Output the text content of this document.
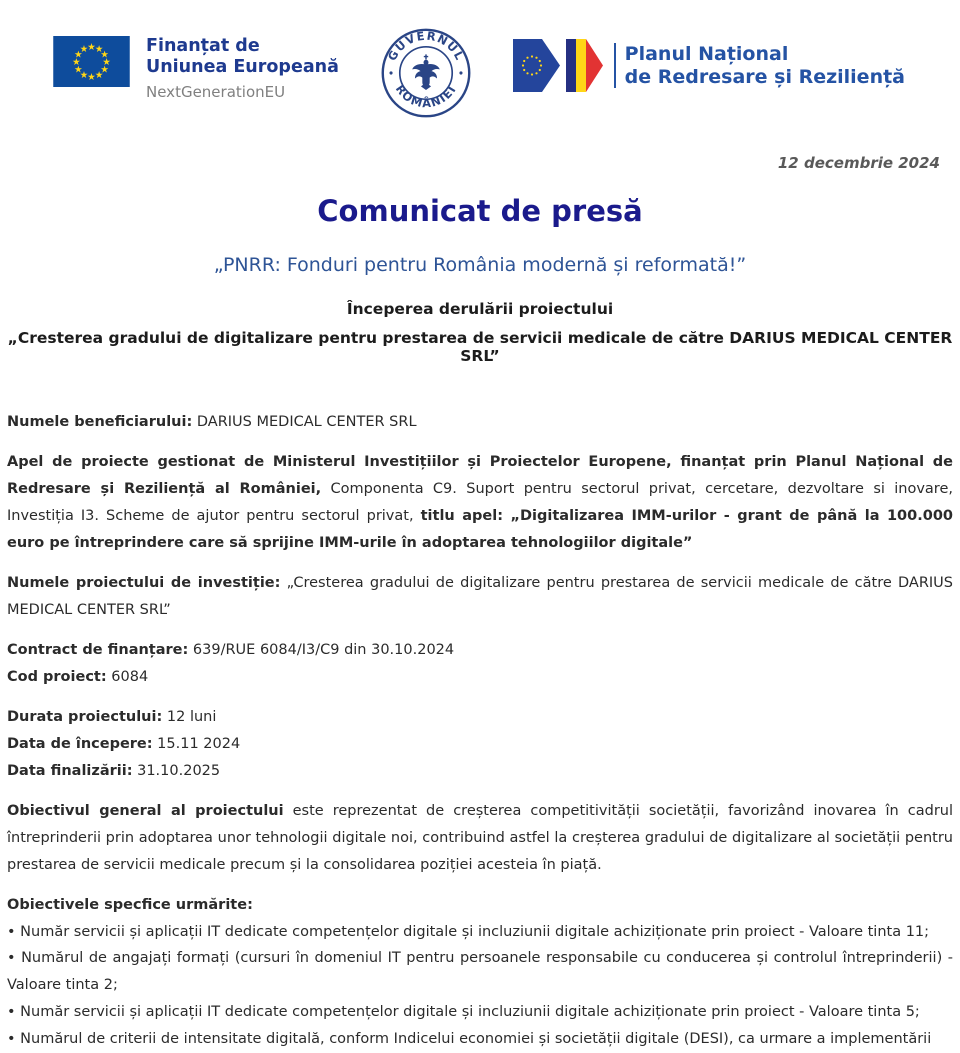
★ ★
★
★
★
★
★
★
★
★
★
★	Finanțat de
Uniunea Europeană
NextGenerationEU
GUVERNUL
ROMÂNIEI
Planul Național
de Redresare și Reziliență
12 decembrie 2024
Comunicat de presă
„PNRR: Fonduri pentru România modernă și reformată!”
Începerea derulării proiectului
„Cresterea gradului de digitalizare pentru prestarea de servicii medicale de către DARIUS MEDICAL CENTER SRL”

Numele beneficiarului: DARIUS MEDICAL CENTER SRL

Apel de proiecte gestionat de Ministerul Investițiilor și Proiectelor Europene, finanțat prin Planul Național de Redresare și Reziliență al României, Componenta C9. Suport pentru sectorul privat, cercetare, dezvoltare si inovare, Investiția I3. Scheme de ajutor pentru sectorul privat, titlu apel: „Digitalizarea IMM-urilor - grant de până la 100.000 euro pe întreprindere care să sprijine IMM-urile în adoptarea tehnologiilor digitale”

Numele proiectului de investiție: „Cresterea gradului de digitalizare pentru prestarea de servicii medicale de către DARIUS MEDICAL CENTER SRL”

Contract de finanțare: 639/RUE 6084/I3/C9 din 30.10.2024

Cod proiect: 6084

Durata proiectului: 12 luni

Data de începere: 15.11 2024

Data finalizării: 31.10.2025

Obiectivul general al proiectului este reprezentat de creșterea competitivității societății, favorizând inovarea în cadrul întreprinderii prin adoptarea unor tehnologii digitale noi, contribuind astfel la creșterea gradului de digitalizare al societății pentru prestarea de servicii medicale precum și la consolidarea poziției acesteia în piață.

Obiectivele specfice urmărite:

• Număr servicii și aplicații IT dedicate competențelor digitale și incluziunii digitale achiziționate prin proiect - Valoare tinta 11;

• Numărul de angajați formați (cursuri în domeniul IT pentru persoanele responsabile cu conducerea și controlul întreprinderii) - Valoare tinta 2;

• Număr servicii și aplicații IT dedicate competențelor digitale și incluziunii digitale achiziționate prin proiect - Valoare tinta 5;

• Numărul de criterii de intensitate digitală, conform Indicelui economiei și societății digitale (DESI), ca urmare a implementării
